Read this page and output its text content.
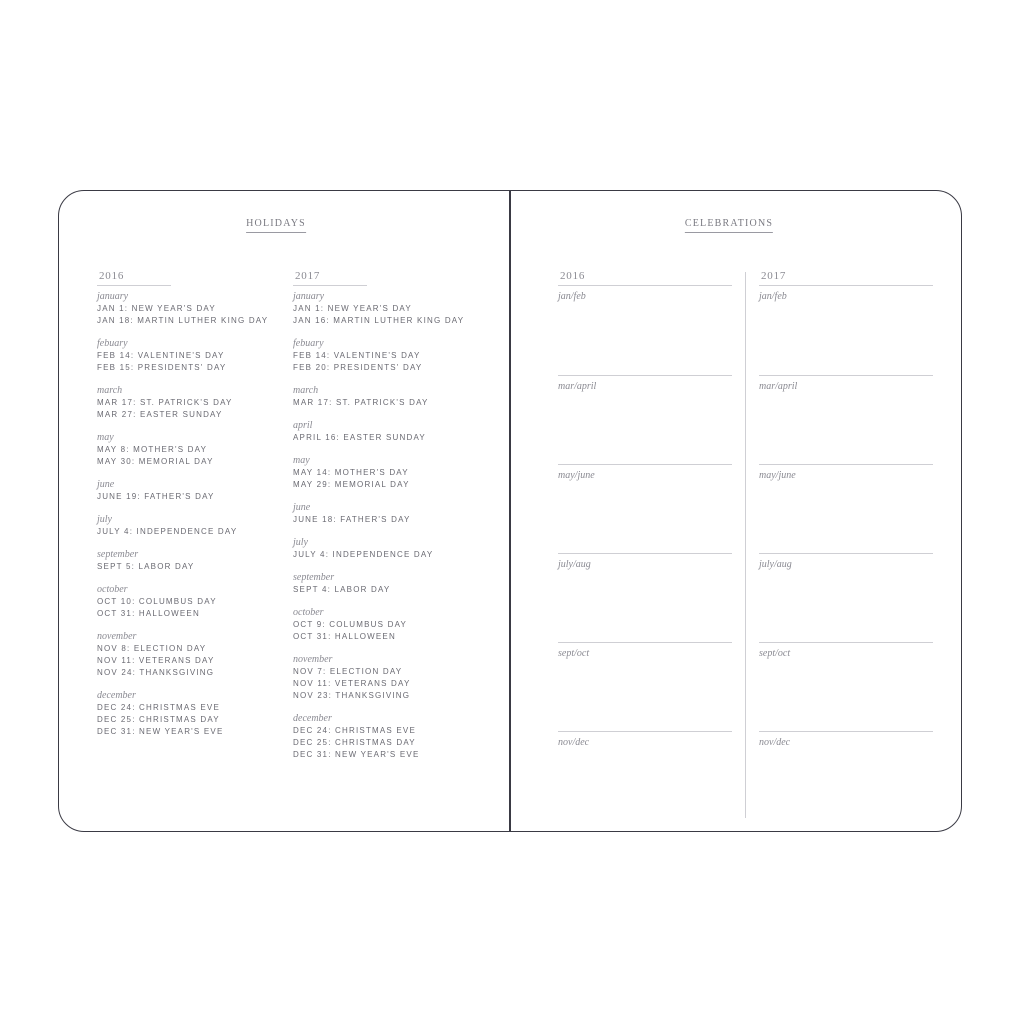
HOLIDAYS
2016
january
JAN 1: NEW YEAR'S DAY
JAN 18: MARTIN LUTHER KING DAY
febuary
FEB 14: VALENTINE'S DAY
FEB 15: PRESIDENTS' DAY
march
MAR 17: ST. PATRICK'S DAY
MAR 27: EASTER SUNDAY
may
MAY 8: MOTHER'S DAY
MAY 30: MEMORIAL DAY
june
JUNE 19: FATHER'S DAY
july
JULY 4: INDEPENDENCE DAY
september
SEPT 5: LABOR DAY
october
OCT 10: COLUMBUS DAY
OCT 31: HALLOWEEN
november
NOV 8: ELECTION DAY
NOV 11: VETERANS DAY
NOV 24: THANKSGIVING
december
DEC 24: CHRISTMAS EVE
DEC 25: CHRISTMAS DAY
DEC 31: NEW YEAR'S EVE
2017
january
JAN 1: NEW YEAR'S DAY
JAN 16: MARTIN LUTHER KING DAY
febuary
FEB 14: VALENTINE'S DAY
FEB 20: PRESIDENTS' DAY
march
MAR 17: ST. PATRICK'S DAY
april
APRIL 16: EASTER SUNDAY
may
MAY 14: MOTHER'S DAY
MAY 29: MEMORIAL DAY
june
JUNE 18: FATHER'S DAY
july
JULY 4: INDEPENDENCE DAY
september
SEPT 4: LABOR DAY
october
OCT 9: COLUMBUS DAY
OCT 31: HALLOWEEN
november
NOV 7: ELECTION DAY
NOV 11: VETERANS DAY
NOV 23: THANKSGIVING
december
DEC 24: CHRISTMAS EVE
DEC 25: CHRISTMAS DAY
DEC 31: NEW YEAR'S EVE
CELEBRATIONS
2016
jan/feb
mar/april
may/june
july/aug
sept/oct
nov/dec
2017
jan/feb
mar/april
may/june
july/aug
sept/oct
nov/dec
